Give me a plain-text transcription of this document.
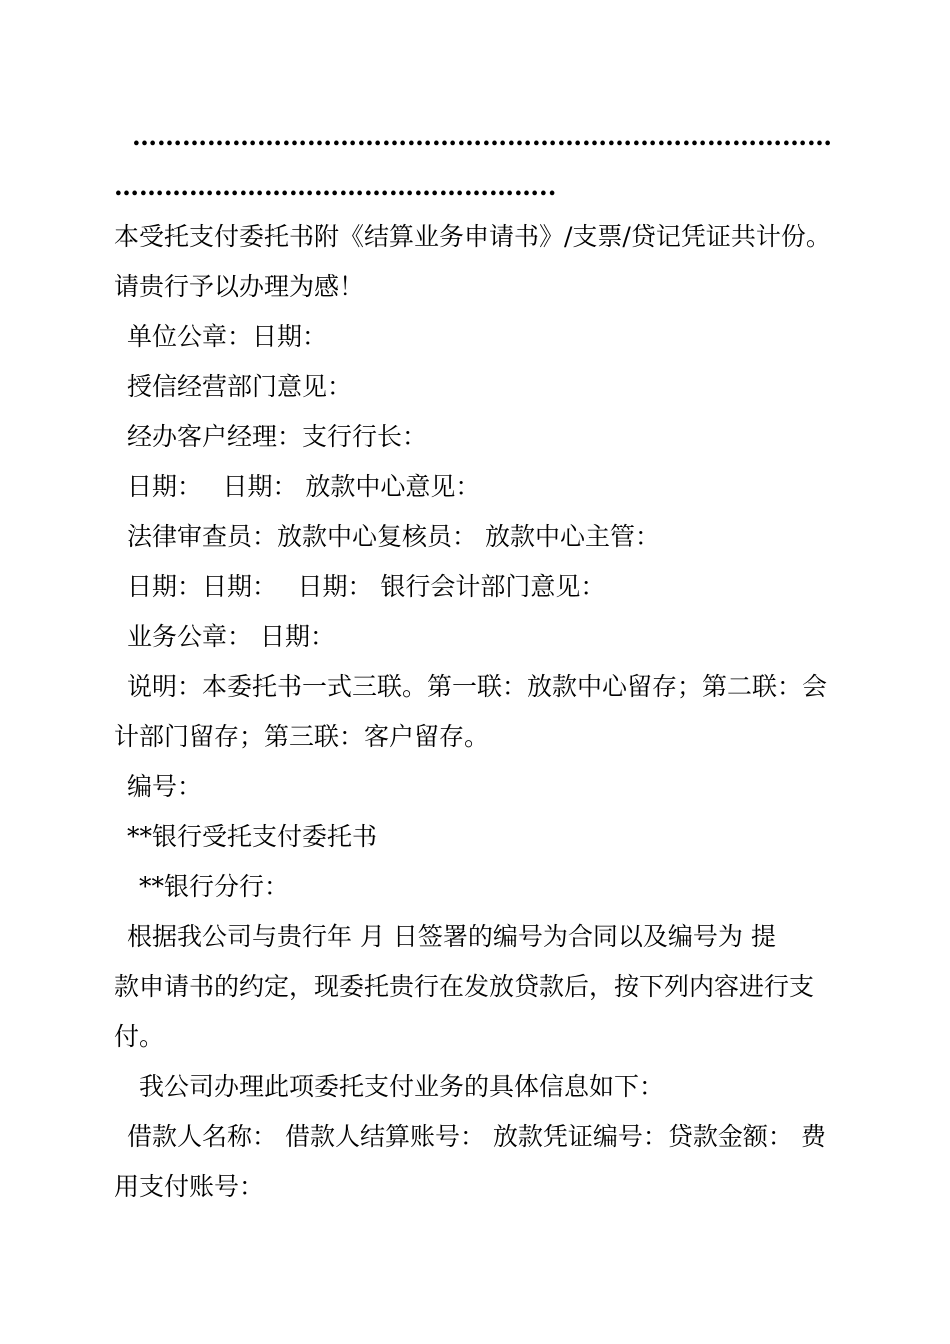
…………………………………………………………………………
……………………………………………..
本受托支付委托书附《结算业务申请书》/支票/贷记凭证共计份。
请贵行予以办理为感！
单位公章：日期：
授信经营部门意见：
经办客户经理：支行行长：
日期：　 日期： 放款中心意见：
法律审查员：放款中心复核员： 放款中心主管：
日期：日期：　 日期： 银行会计部门意见：
业务公章： 日期：
说明：本委托书一式三联。第一联：放款中心留存；第二联：会
计部门留存；第三联：客户留存。
编号：
**银行受托支付委托书
**银行分行：
根据我公司与贵行年 月 日签署的编号为合同以及编号为 提
款申请书的约定，现委托贵行在发放贷款后，按下列内容进行支
付。
我公司办理此项委托支付业务的具体信息如下：
借款人名称： 借款人结算账号： 放款凭证编号：贷款金额： 费
用支付账号：
